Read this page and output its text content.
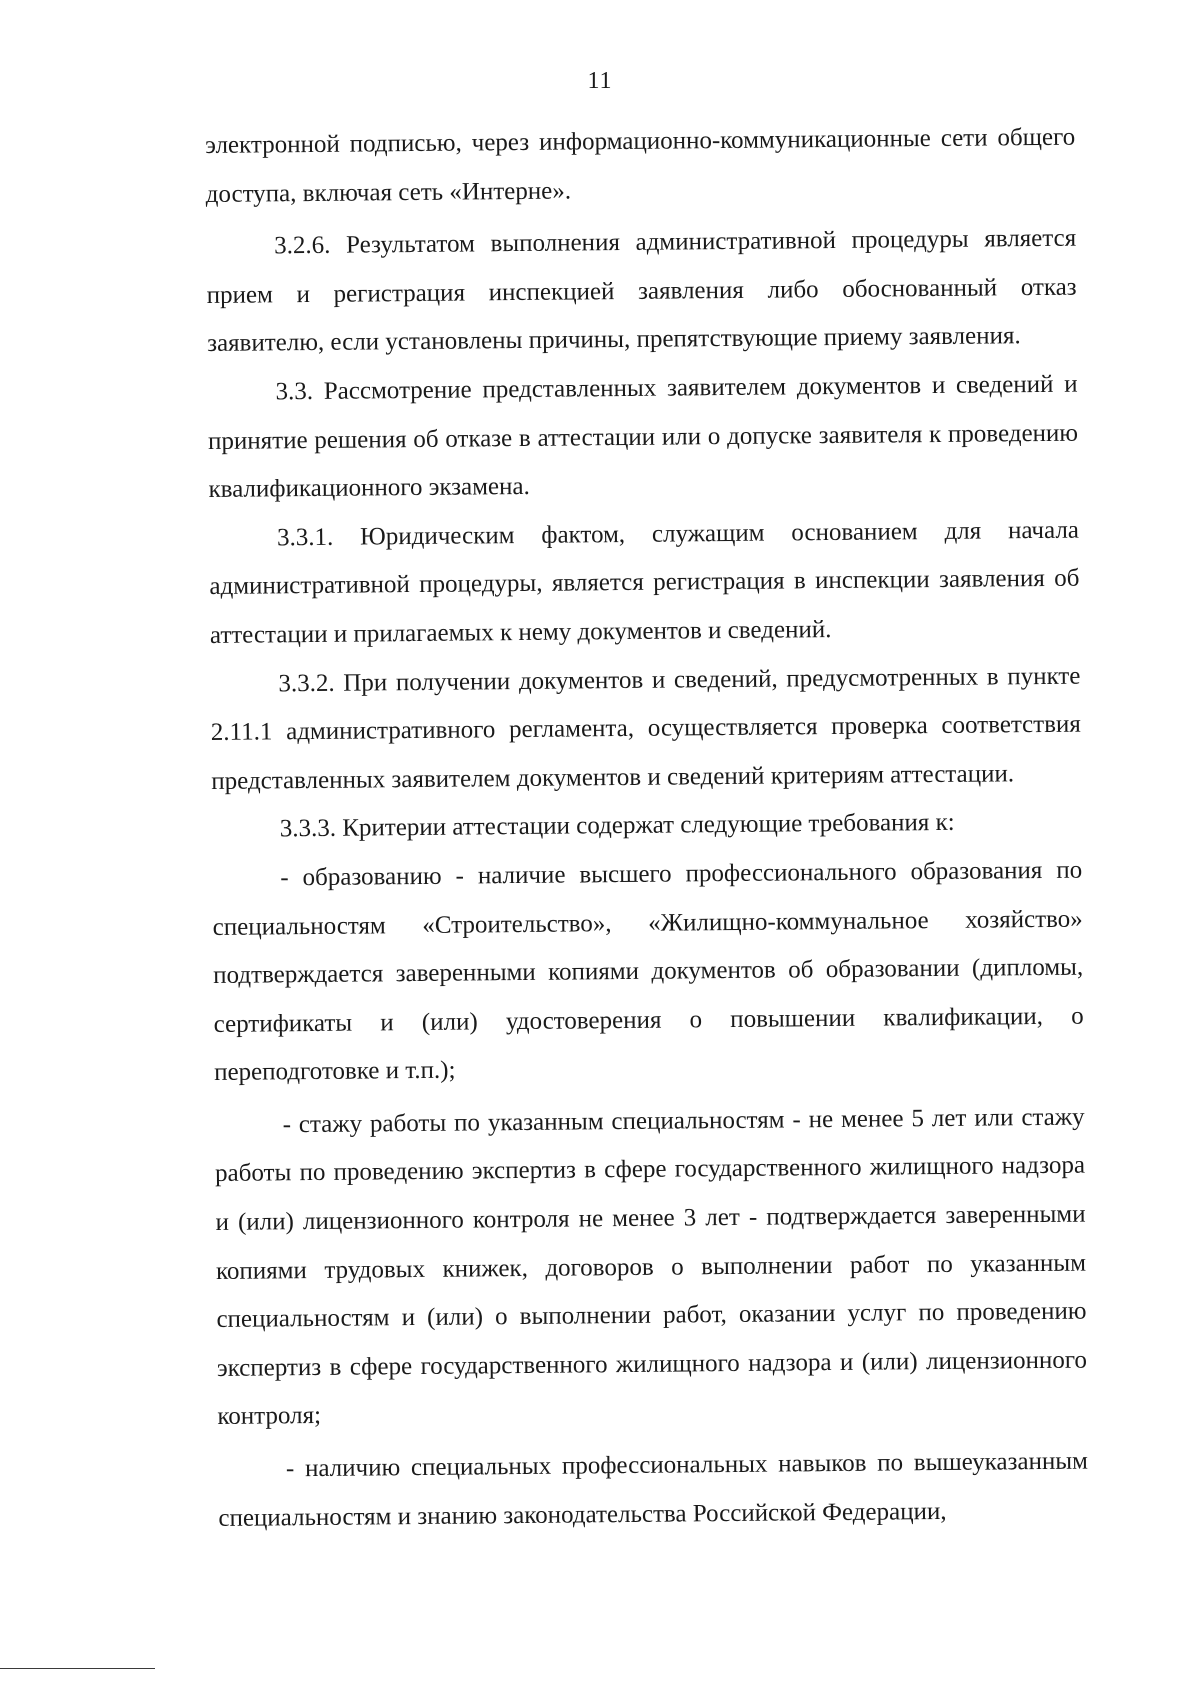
11

электронной подписью, через информационно-коммуникационные сети общего доступа, включая сеть «Интерне».

3.2.6. Результатом выполнения административной процедуры является прием и регистрация инспекцией заявления либо обоснованный отказ заявителю, если установлены причины, препятствующие приему заявления.

3.3. Рассмотрение представленных заявителем документов и сведений и принятие решения об отказе в аттестации или о допуске заявителя к проведению квалификационного экзамена.

3.3.1. Юридическим фактом, служащим основанием для начала административной процедуры, является регистрация в инспекции заявления об аттестации и прилагаемых к нему документов и сведений.

3.3.2. При получении документов и сведений, предусмотренных в пункте 2.11.1 административного регламента, осуществляется проверка соответствия представленных заявителем документов и сведений критериям аттестации.

3.3.3. Критерии аттестации содержат следующие требования к:

- образованию - наличие высшего профессионального образования по специальностям «Строительство», «Жилищно-коммунальное хозяйство» подтверждается заверенными копиями документов об образовании (дипломы, сертификаты и (или) удостоверения о повышении квалификации, о переподготовке и т.п.);

- стажу работы по указанным специальностям - не менее 5 лет или стажу работы по проведению экспертиз в сфере государственного жилищного надзора и (или) лицензионного контроля не менее 3 лет - подтверждается заверенными копиями трудовых книжек, договоров о выполнении работ по указанным специальностям и (или) о выполнении работ, оказании услуг по проведению экспертиз в сфере государственного жилищного надзора и (или) лицензионного контроля;

- наличию специальных профессиональных навыков по вышеуказанным специальностям и знанию законодательства Российской Федерации,
